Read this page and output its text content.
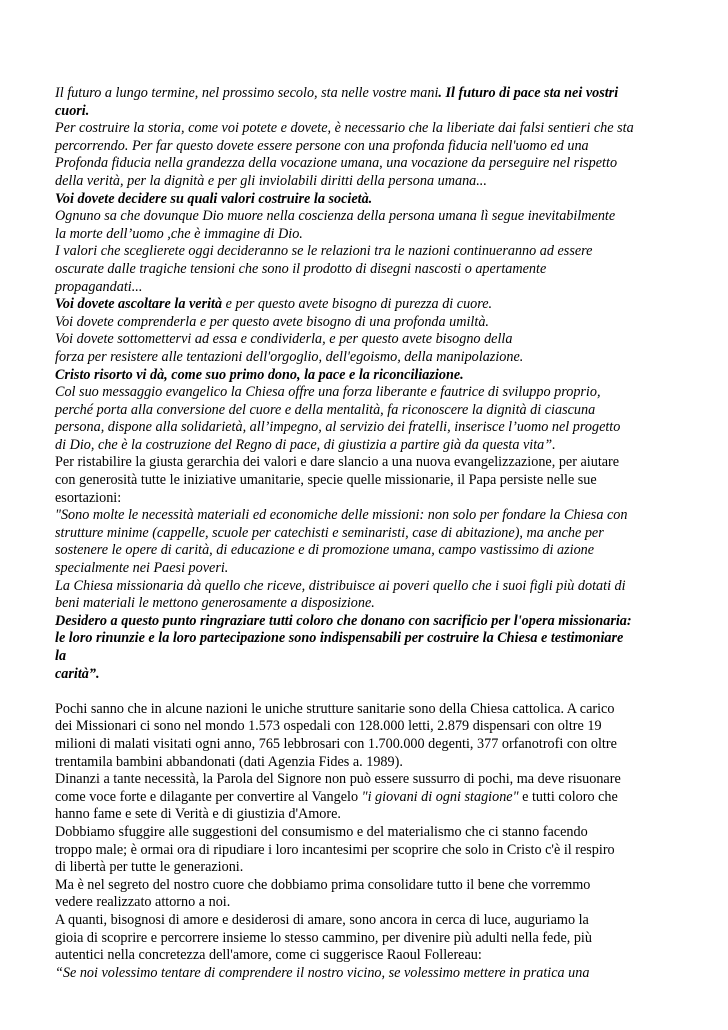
Il futuro a lungo termine, nel prossimo secolo, sta nelle vostre mani. Il futuro di pace sta nei vostri
cuori.
Per costruire la storia, come voi potete e dovete, è necessario che la liberiate dai falsi sentieri che sta
percorrendo. Per far questo dovete essere persone con una profonda fiducia nell'uomo ed una
Profonda fiducia nella grandezza della vocazione umana, una vocazione da perseguire nel rispetto
della verità, per la dignità e per gli inviolabili diritti della persona umana...
Voi dovete decidere su quali valori costruire la società.
Ognuno sa che dovunque Dio muore nella coscienza della persona umana lì segue inevitabilmente
la morte dell’uomo ,che è immagine di Dio.
I valori che sceglierete oggi decideranno se le relazioni tra le nazioni continueranno ad essere
oscurate dalle tragiche tensioni che sono il prodotto di disegni nascosti o apertamente
propagandati...
Voi dovete ascoltare la verità e per questo avete bisogno di purezza di cuore.
Voi dovete comprenderla e per questo avete bisogno di una profonda umiltà.
Voi dovete sottomettervi ad essa e condividerla, e per questo avete bisogno della
forza per resistere alle tentazioni dell'orgoglio, dell'egoismo, della manipolazione.
Cristo risorto vi dà, come suo primo dono, la pace e la riconciliazione.
Col suo messaggio evangelico la Chiesa offre una forza liberante e fautrice di sviluppo proprio,
perché porta alla conversione del cuore e della mentalità, fa riconoscere la dignità di ciascuna
persona, dispone alla solidarietà, all’impegno, al servizio dei fratelli, inserisce l’uomo nel progetto
di Dio, che è la costruzione del Regno di pace, di giustizia a partire già da questa vita”.
Per ristabilire la giusta gerarchia dei valori e dare slancio a una nuova evangelizzazione, per aiutare
con generosità tutte le iniziative umanitarie, specie quelle missionarie, il Papa persiste nelle sue
esortazioni:
"Sono molte le necessità materiali ed economiche delle missioni: non solo per fondare la Chiesa con
strutture minime (cappelle, scuole per catechisti e seminaristi, case di abitazione), ma anche per
sostenere le opere di carità, di educazione e di promozione umana, campo vastissimo di azione
specialmente nei Paesi poveri.
La Chiesa missionaria dà quello che riceve, distribuisce ai poveri quello che i suoi figli più dotati di
beni materiali le mettono generosamente a disposizione.
Desidero a questo punto ringraziare tutti coloro che donano con sacrificio per l'opera missionaria:
le loro rinunzie e la loro partecipazione sono indispensabili per costruire la Chiesa e testimoniare
la
carità”.
Pochi sanno che in alcune nazioni le uniche strutture sanitarie sono della Chiesa cattolica. A carico
dei Missionari ci sono nel mondo 1.573 ospedali con 128.000 letti, 2.879 dispensari con oltre 19
milioni di malati visitati ogni anno, 765 lebbrosari con 1.700.000 degenti, 377 orfanotrofi con oltre
trentamila bambini abbandonati (dati Agenzia Fides a. 1989).
Dinanzi a tante necessità, la Parola del Signore non può essere sussurro di pochi, ma deve risuonare
come voce forte e dilagante per convertire al Vangelo "i giovani di ogni stagione" e tutti coloro che
hanno fame e sete di Verità e di giustizia d'Amore.
Dobbiamo sfuggire alle suggestioni del consumismo e del materialismo che ci stanno facendo
troppo male; è ormai ora di ripudiare i loro incantesimi per scoprire che solo in Cristo c'è il respiro
di libertà per tutte le generazioni.
Ma è nel segreto del nostro cuore che dobbiamo prima consolidare tutto il bene che vorremmo
vedere realizzato attorno a noi.
A quanti, bisognosi di amore e desiderosi di amare, sono ancora in cerca di luce, auguriamo la
gioia di scoprire e percorrere insieme lo stesso cammino, per divenire più adulti nella fede, più
autentici nella concretezza dell'amore, come ci suggerisce Raoul Follereau:
“Se noi volessimo tentare di comprendere il nostro vicino, se volessimo mettere in pratica una
